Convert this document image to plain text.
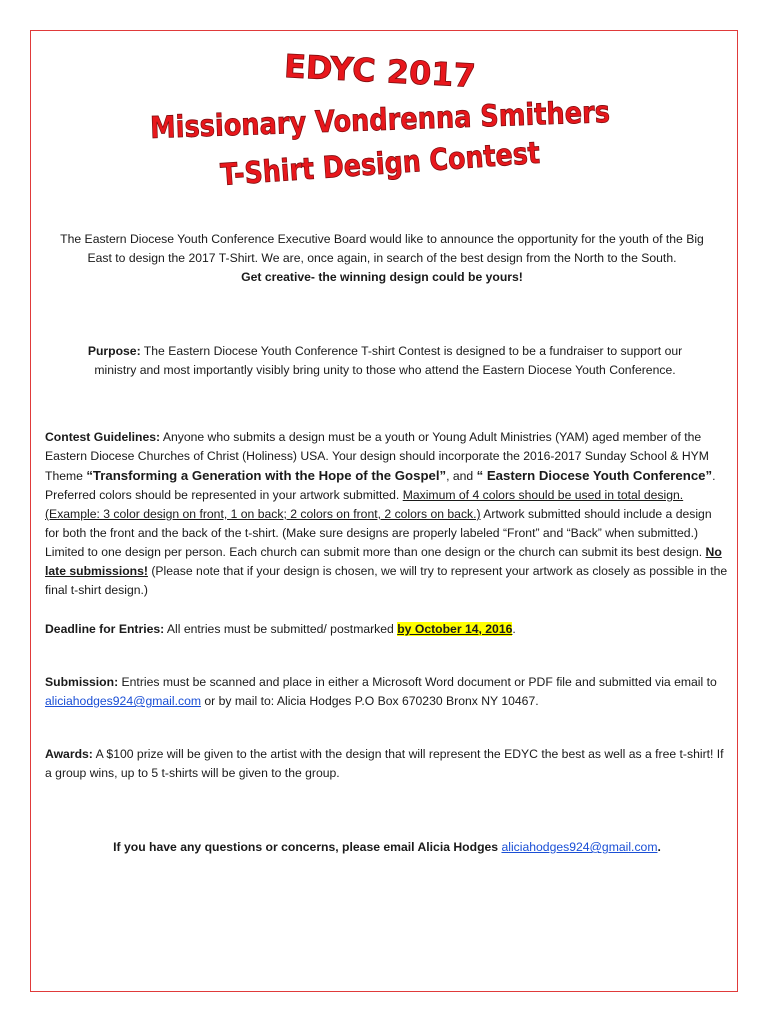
EDYC 2017
Missionary Vondrenna Smithers
T-Shirt Design Contest
The Eastern Diocese Youth Conference Executive Board would like to announce the opportunity for the youth of the Big East to design the 2017 T-Shirt. We are, once again, in search of the best design from the North to the South.
Get creative- the winning design could be yours!
Purpose: The Eastern Diocese Youth Conference T-shirt Contest is designed to be a fundraiser to support our ministry and most importantly visibly bring unity to those who attend the Eastern Diocese Youth Conference.
Contest Guidelines: Anyone who submits a design must be a youth or Young Adult Ministries (YAM) aged member of the Eastern Diocese Churches of Christ (Holiness) USA. Your design should incorporate the 2016-2017 Sunday School & HYM Theme “Transforming a Generation with the Hope of the Gospel”, and “ Eastern Diocese Youth Conference”. Preferred colors should be represented in your artwork submitted. Maximum of 4 colors should be used in total design. (Example: 3 color design on front, 1 on back; 2 colors on front, 2 colors on back.) Artwork submitted should include a design for both the front and the back of the t-shirt. (Make sure designs are properly labeled “Front” and “Back” when submitted.) Limited to one design per person. Each church can submit more than one design or the church can submit its best design. No late submissions! (Please note that if your design is chosen, we will try to represent your artwork as closely as possible in the final t-shirt design.)
Deadline for Entries: All entries must be submitted/ postmarked by October 14, 2016.
Submission: Entries must be scanned and place in either a Microsoft Word document or PDF file and submitted via email to aliciahodges924@gmail.com or by mail to: Alicia Hodges P.O Box 670230 Bronx NY 10467.
Awards: A $100 prize will be given to the artist with the design that will represent the EDYC the best as well as a free t-shirt! If a group wins, up to 5 t-shirts will be given to the group.
If you have any questions or concerns, please email Alicia Hodges aliciahodges924@gmail.com.
